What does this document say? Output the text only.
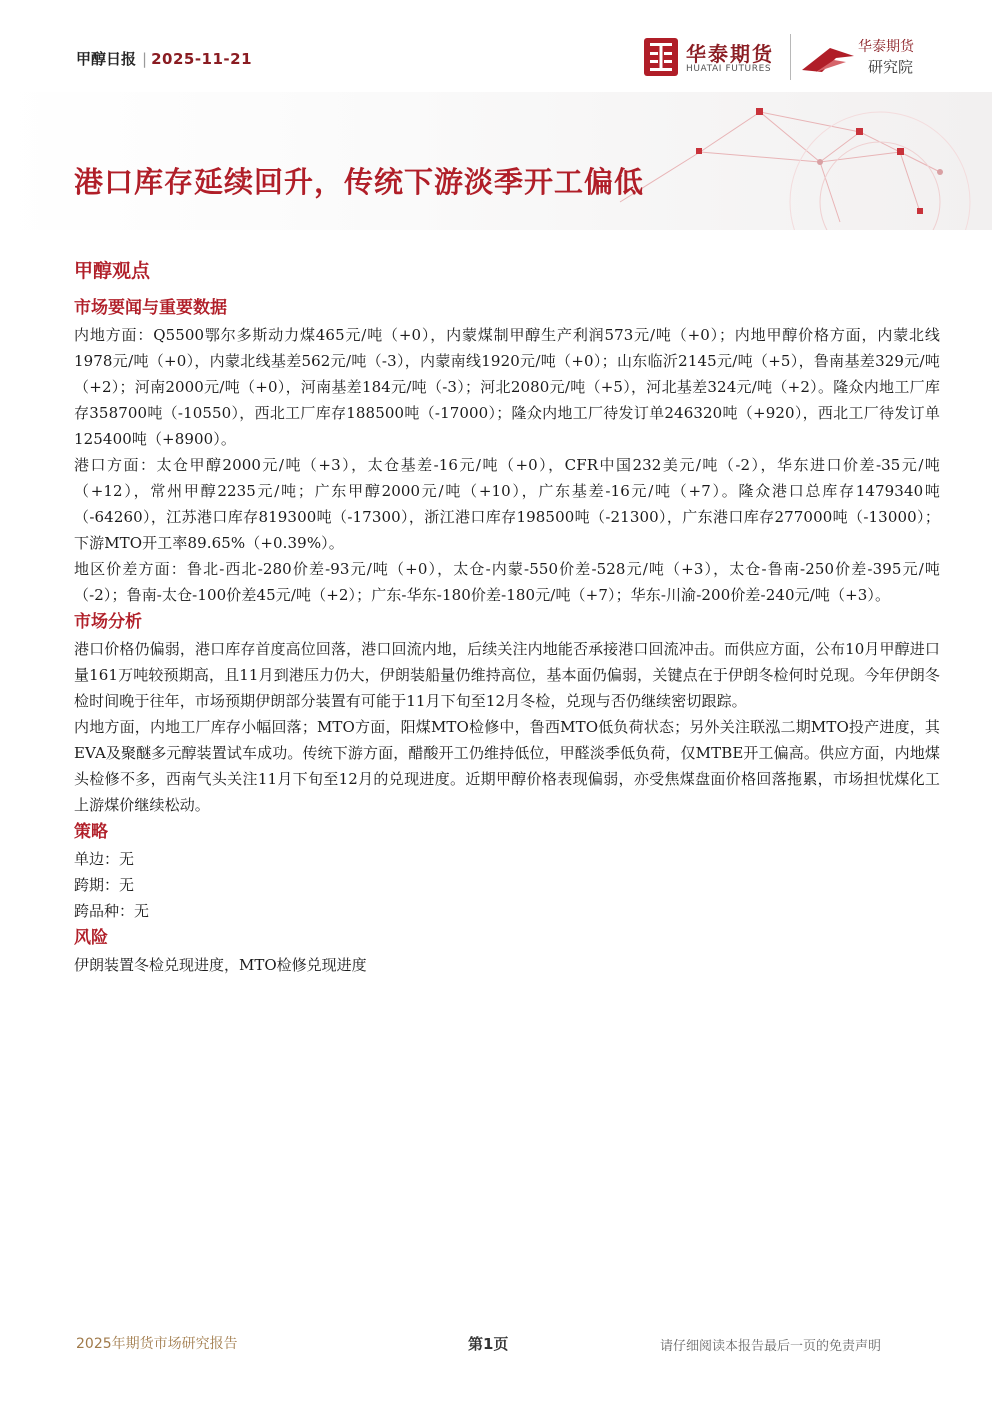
甲醇日报 | 2025-11-21	华泰期货
HUATAI FUTURES
华泰期货
研究院
港口库存延续回升，传统下游淡季开工偏低
甲醇观点
市场要闻与重要数据

内地方面：Q5500鄂尔多斯动力煤465元/吨（+0），内蒙煤制甲醇生产利润573元/吨（+0）；内地甲醇价格方面，内蒙北线1978元/吨（+0），内蒙北线基差562元/吨（-3），内蒙南线1920元/吨（+0）；山东临沂2145元/吨（+5），鲁南基差329元/吨（+2）；河南2000元/吨（+0），河南基差184元/吨（-3）；河北2080元/吨（+5），河北基差324元/吨（+2）。隆众内地工厂库存358700吨（-10550），西北工厂库存188500吨（-17000）；隆众内地工厂待发订单246320吨（+920），西北工厂待发订单125400吨（+8900）。

港口方面：太仓甲醇2000元/吨（+3），太仓基差-16元/吨（+0），CFR中国232美元/吨（-2），华东进口价差-35元/吨（+12），常州甲醇2235元/吨；广东甲醇2000元/吨（+10），广东基差-16元/吨（+7）。隆众港口总库存1479340吨（-64260），江苏港口库存819300吨（-17300），浙江港口库存198500吨（-21300），广东港口库存277000吨（-13000）；下游MTO开工率89.65%（+0.39%）。

地区价差方面：鲁北-西北-280价差-93元/吨（+0），太仓-内蒙-550价差-528元/吨（+3），太仓-鲁南-250价差-395元/吨（-2）；鲁南-太仓-100价差45元/吨（+2）；广东-华东-180价差-180元/吨（+7）；华东-川渝-200价差-240元/吨（+3）。

市场分析

港口价格仍偏弱，港口库存首度高位回落，港口回流内地，后续关注内地能否承接港口回流冲击。而供应方面，公布10月甲醇进口量161万吨较预期高，且11月到港压力仍大，伊朗装船量仍维持高位，基本面仍偏弱，关键点在于伊朗冬检何时兑现。今年伊朗冬检时间晚于往年，市场预期伊朗部分装置有可能于11月下旬至12月冬检，兑现与否仍继续密切跟踪。

内地方面，内地工厂库存小幅回落；MTO方面，阳煤MTO检修中，鲁西MTO低负荷状态；另外关注联泓二期MTO投产进度，其EVA及聚醚多元醇装置试车成功。传统下游方面，醋酸开工仍维持低位，甲醛淡季低负荷，仅MTBE开工偏高。供应方面，内地煤头检修不多，西南气头关注11月下旬至12月的兑现进度。近期甲醇价格表现偏弱，亦受焦煤盘面价格回落拖累，市场担忧煤化工上游煤价继续松动。

策略

单边：无

跨期：无

跨品种：无

风险

伊朗装置冬检兑现进度，MTO检修兑现进度

2025年期货市场研究报告	第1页	请仔细阅读本报告最后一页的免责声明
